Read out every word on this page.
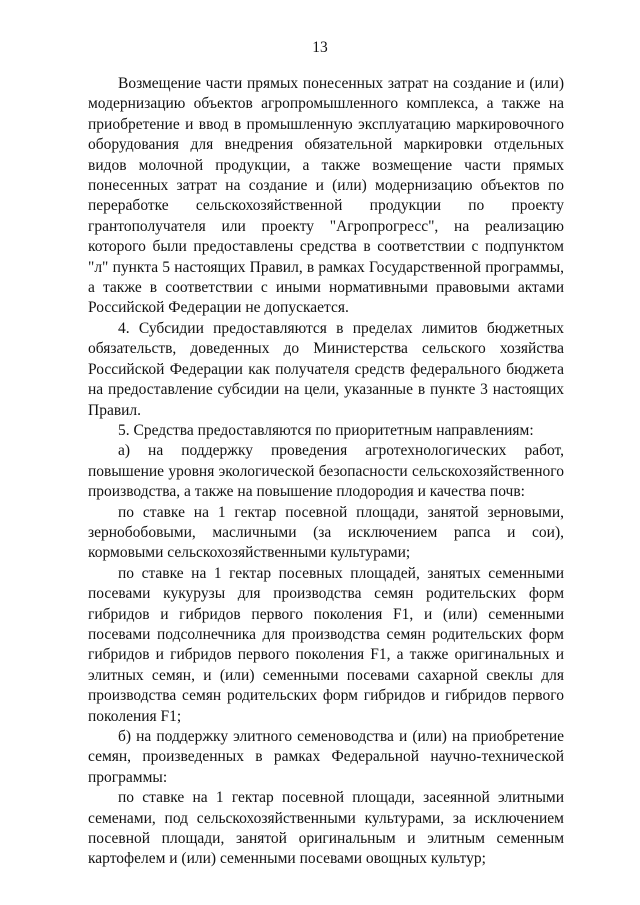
13

Возмещение части прямых понесенных затрат на создание и (или) модернизацию объектов агропромышленного комплекса, а также на приобретение и ввод в промышленную эксплуатацию маркировочного оборудования для внедрения обязательной маркировки отдельных видов молочной продукции, а также возмещение части прямых понесенных затрат на создание и (или) модернизацию объектов по переработке сельскохозяйственной продукции по проекту грантополучателя или проекту "Агропрогресс", на реализацию которого были предоставлены средства в соответствии с подпунктом "л" пункта 5 настоящих Правил, в рамках Государственной программы, а также в соответствии с иными нормативными правовыми актами Российской Федерации не допускается.

4. Субсидии предоставляются в пределах лимитов бюджетных обязательств, доведенных до Министерства сельского хозяйства Российской Федерации как получателя средств федерального бюджета на предоставление субсидии на цели, указанные в пункте 3 настоящих Правил.

5. Средства предоставляются по приоритетным направлениям:

а) на поддержку проведения агротехнологических работ, повышение уровня экологической безопасности сельскохозяйственного производства, а также на повышение плодородия и качества почв:

по ставке на 1 гектар посевной площади, занятой зерновыми, зернобобовыми, масличными (за исключением рапса и сои), кормовыми сельскохозяйственными культурами;

по ставке на 1 гектар посевных площадей, занятых семенными посевами кукурузы для производства семян родительских форм гибридов и гибридов первого поколения F1, и (или) семенными посевами подсолнечника для производства семян родительских форм гибридов и гибридов первого поколения F1, а также оригинальных и элитных семян, и (или) семенными посевами сахарной свеклы для производства семян родительских форм гибридов и гибридов первого поколения F1;

б) на поддержку элитного семеноводства и (или) на приобретение семян, произведенных в рамках Федеральной научно-технической программы:

по ставке на 1 гектар посевной площади, засеянной элитными семенами, под сельскохозяйственными культурами, за исключением посевной площади, занятой оригинальным и элитным семенным картофелем и (или) семенными посевами овощных культур;
